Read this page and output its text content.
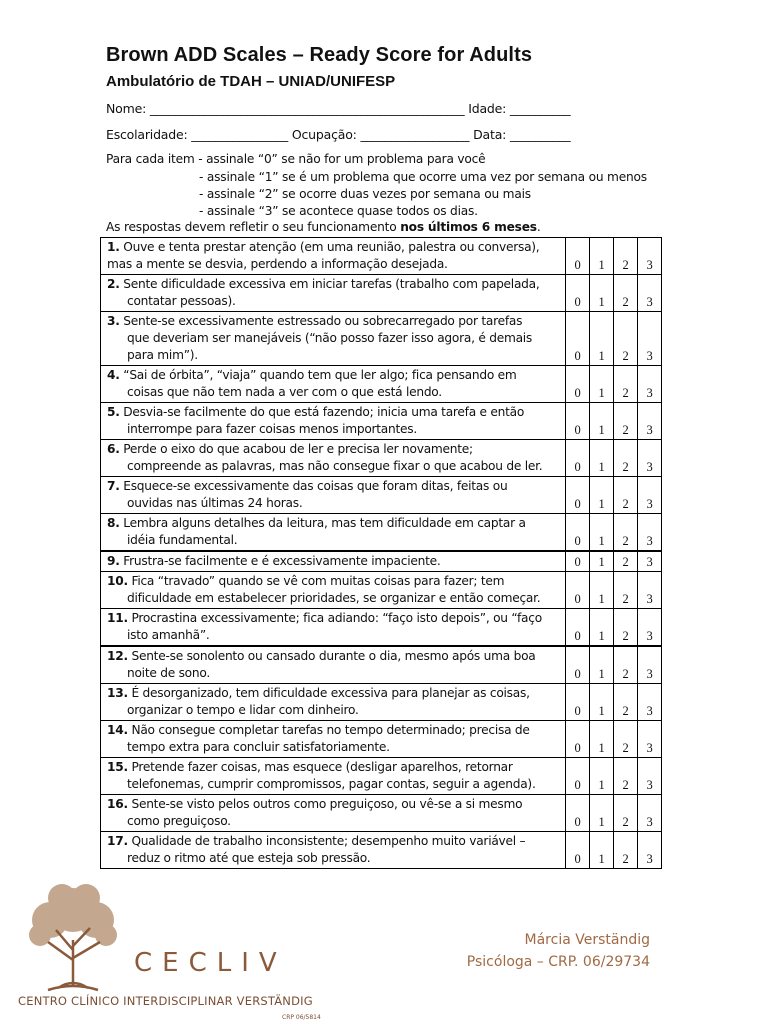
Brown ADD Scales – Ready Score for Adults
Ambulatório de TDAH – UNIAD/UNIFESP
Nome: ____________________________________________________ Idade: __________
Escolaridade: ________________ Ocupação: __________________ Data: __________
Para cada item - assinale “0” se não for um problema para você
- assinale “1” se é um problema que ocorre uma vez por semana ou menos
- assinale “2” se ocorre duas vezes por semana ou mais
- assinale “3” se acontece quase todos os dias.
As respostas devem refletir o seu funcionamento nos últimos 6 meses.
1. Ouve e tenta prestar atenção (em uma reunião, palestra ou conversa),
mas a mente se desvia, perdendo a informação desejada.	0	1	2	3
2. Sente dificuldade excessiva em iniciar tarefas (trabalho com papelada,
contatar pessoas).	0	1	2	3
3. Sente-se excessivamente estressado ou sobrecarregado por tarefas
que deveriam ser manejáveis (“não posso fazer isso agora, é demais
para mim”).	0	1	2	3
4. “Sai de órbita”, “viaja” quando tem que ler algo; fica pensando em
coisas que não tem nada a ver com o que está lendo.	0	1	2	3
5. Desvia-se facilmente do que está fazendo; inicia uma tarefa e então
interrompe para fazer coisas menos importantes.	0	1	2	3
6. Perde o eixo do que acabou de ler e precisa ler novamente;
compreende as palavras, mas não consegue fixar o que acabou de ler.	0	1	2	3
7. Esquece-se excessivamente das coisas que foram ditas, feitas ou
ouvidas nas últimas 24 horas.	0	1	2	3
8. Lembra alguns detalhes da leitura, mas tem dificuldade em captar a
idéia fundamental.	0	1	2	3
9. Frustra-se facilmente e é excessivamente impaciente.	0	1	2	3
10. Fica “travado” quando se vê com muitas coisas para fazer; tem
dificuldade em estabelecer prioridades, se organizar e então começar.	0	1	2	3
11. Procrastina excessivamente; fica adiando: “faço isto depois”, ou “faço
isto amanhã”.	0	1	2	3
12. Sente-se sonolento ou cansado durante o dia, mesmo após uma boa
noite de sono.	0	1	2	3
13. É desorganizado, tem dificuldade excessiva para planejar as coisas,
organizar o tempo e lidar com dinheiro.	0	1	2	3
14. Não consegue completar tarefas no tempo determinado; precisa de
tempo extra para concluir satisfatoriamente.	0	1	2	3
15. Pretende fazer coisas, mas esquece (desligar aparelhos, retornar
telefonemas, cumprir compromissos, pagar contas, seguir a agenda).	0	1	2	3
16. Sente-se visto pelos outros como preguiçoso, ou vê-se a si mesmo
como preguiçoso.	0	1	2	3
17. Qualidade de trabalho inconsistente; desempenho muito variável –
reduz o ritmo até que esteja sob pressão.	0	1	2	3
CECLIV
CENTRO CLÍNICO INTERDISCIPLINAR VERSTÄNDIG
CRP 06/5814
Márcia Verständig
Psicóloga – CRP. 06/29734
